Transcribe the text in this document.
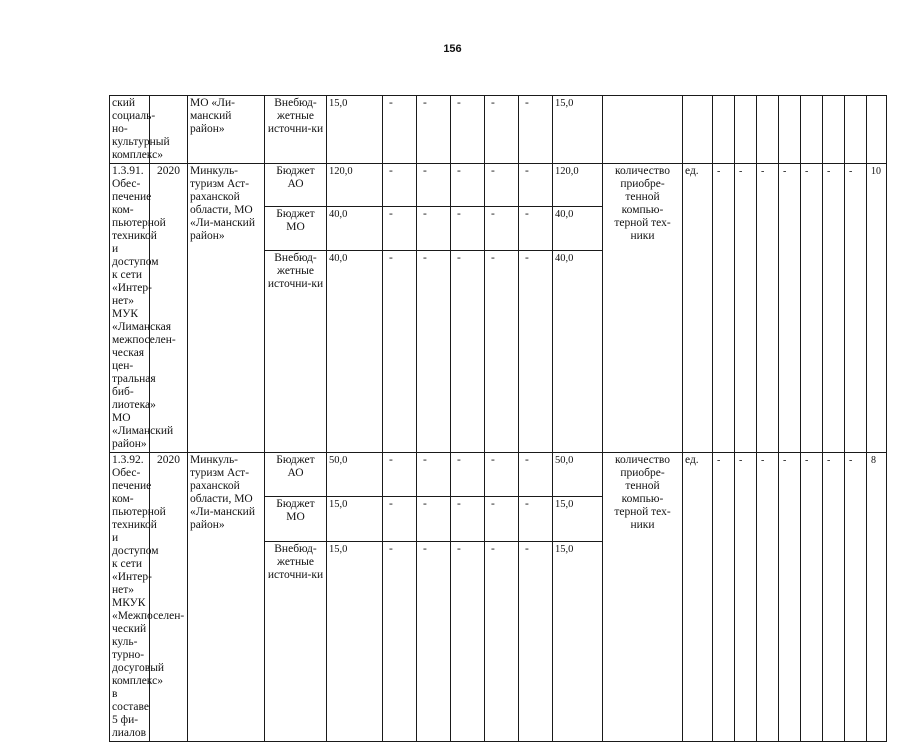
156
ский социаль-но-культурный комплекс»		МО «Ли-манский район»	Внебюд-жетные источни-ки	15,0	-	-	-	-	-	15,0										
1.3.91. Обес-печение ком-пьютерной техникой и доступом к сети «Интер-нет» МУК «Лиманская межпоселен-ческая цен-тральная биб-лиотека» МО «Лиманский район»	2020	Минкуль-туризм Аст-раханской области, МО «Ли-манский район»	Бюджет АО	120,0	-	-	-	-	-	120,0	количество приобре-тенной компью-терной тех-ники	ед.	-	-	-	-	-	-	-	10
			Бюджет МО	40,0	-	-	-	-	-	40,0										
			Внебюд-жетные источни-ки	40,0	-	-	-	-	-	40,0										
1.3.92. Обес-печение ком-пьютерной техникой и доступом к сети «Интер-нет» МКУК «Межпоселен-ческий куль-турно-досуговый комплекс» в составе 5 фи-лиалов	2020	Минкуль-туризм Аст-раханской области, МО «Ли-манский район»	Бюджет АО	50,0	-	-	-	-	-	50,0	количество приобре-тенной компью-терной тех-ники	ед.	-	-	-	-	-	-	-	8
			Бюджет МО	15,0	-	-	-	-	-	15,0										
			Внебюд-жетные источни-ки	15,0	-	-	-	-	-	15,0										
